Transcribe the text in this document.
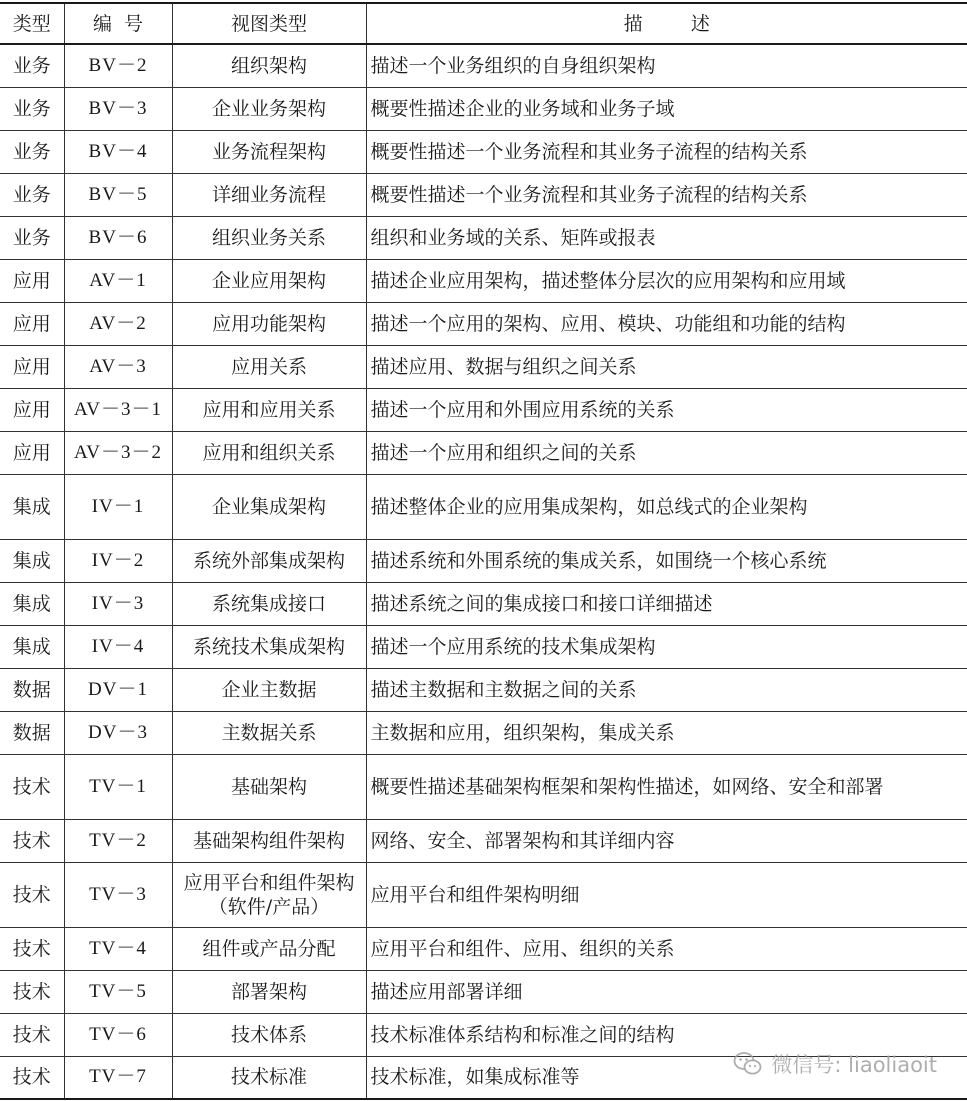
类型	编  号	视图类型	描        述
业务	BV－2	组织架构	描述一个业务组织的自身组织架构
业务	BV－3	企业业务架构	概要性描述企业的业务域和业务子域
业务	BV－4	业务流程架构	概要性描述一个业务流程和其业务子流程的结构关系
业务	BV－5	详细业务流程	概要性描述一个业务流程和其业务子流程的结构关系
业务	BV－6	组织业务关系	组织和业务域的关系、矩阵或报表
应用	AV－1	企业应用架构	描述企业应用架构，描述整体分层次的应用架构和应用域
应用	AV－2	应用功能架构	描述一个应用的架构、应用、模块、功能组和功能的结构
应用	AV－3	应用关系	描述应用、数据与组织之间关系
应用	AV－3－1	应用和应用关系	描述一个应用和外围应用系统的关系
应用	AV－3－2	应用和组织关系	描述一个应用和组织之间的关系
集成	IV－1	企业集成架构	描述整体企业的应用集成架构，如总线式的企业架构
集成	IV－2	系统外部集成架构	描述系统和外围系统的集成关系，如围绕一个核心系统
集成	IV－3	系统集成接口	描述系统之间的集成接口和接口详细描述
集成	IV－4	系统技术集成架构	描述一个应用系统的技术集成架构
数据	DV－1	企业主数据	描述主数据和主数据之间的关系
数据	DV－3	主数据关系	主数据和应用，组织架构，集成关系
技术	TV－1	基础架构	概要性描述基础架构框架和架构性描述，如网络、安全和部署
技术	TV－2	基础架构组件架构	网络、安全、部署架构和其详细内容
技术	TV－3	应用平台和组件架构（软件/产品）	应用平台和组件架构明细
技术	TV－4	组件或产品分配	应用平台和组件、应用、组织的关系
技术	TV－5	部署架构	描述应用部署详细
技术	TV－6	技术体系	技术标准体系结构和标准之间的结构
技术	TV－7	技术标准	技术标准，如集成标准等
微信号: liaoliaoit
